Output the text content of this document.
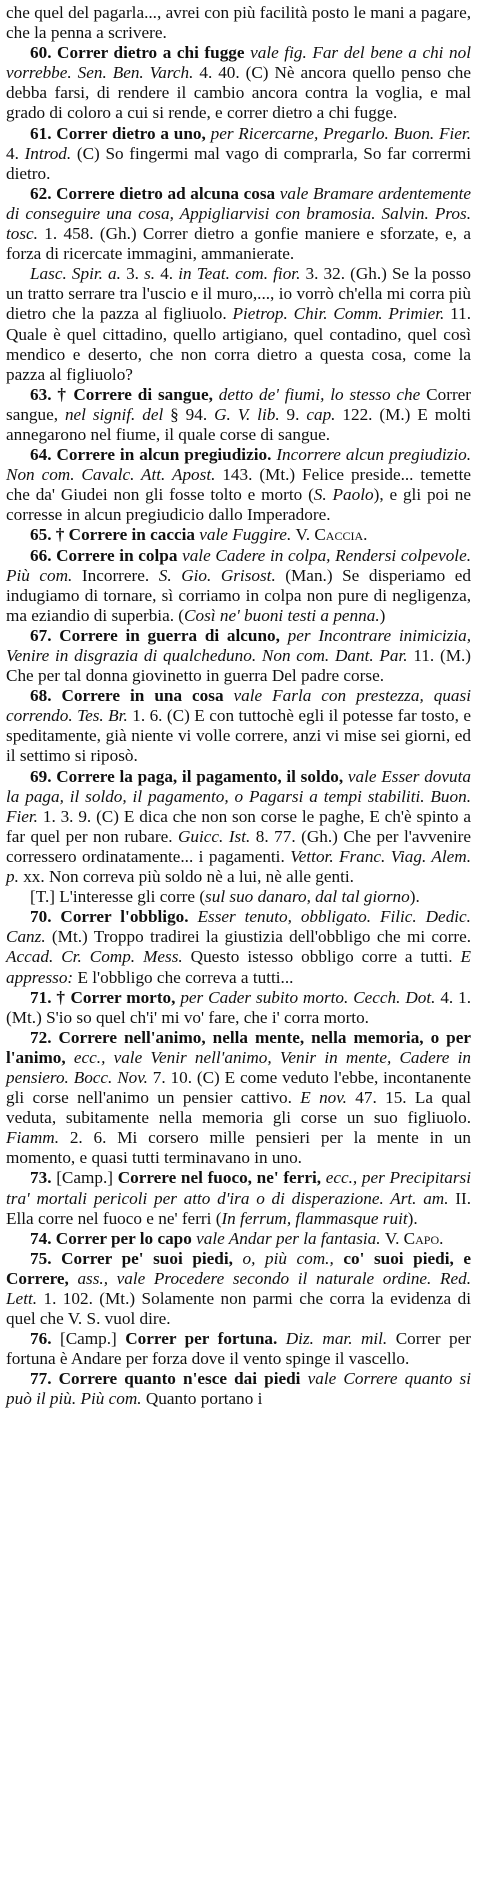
che quel del pagarla..., avrei con più facilità posto le mani a pagare, che la penna a scrivere.

60. Correr dietro a chi fugge vale fig. Far del bene a chi nol vorrebbe. Sen. Ben. Varch. 4. 40. (C) Nè ancora quello penso che debba farsi, di rendere il cambio ancora contra la voglia, e mal grado di coloro a cui si rende, e correr dietro a chi fugge.

61. Correr dietro a uno, per Ricercarne, Pregarlo. Buon. Fier. 4. Introd. (C) So fingermi mal vago di comprarla, So far corrermi dietro.

62. Correre dietro ad alcuna cosa vale Bramare ardentemente di conseguire una cosa, Appigliarvisi con bramosia. Salvin. Pros. tosc. 1. 458. (Gh.) Correr dietro a gonfie maniere e sforzate, e, a forza di ricercate immagini, ammanierate.

Lasc. Spir. a. 3. s. 4. in Teat. com. fior. 3. 32. (Gh.) Se la posso un tratto serrare tra l'uscio e il muro,..., io vorrò ch'ella mi corra più dietro che la pazza al figliuolo. Pietrop. Chir. Comm. Primier. 11. Quale è quel cittadino, quello artigiano, quel contadino, quel così mendico e deserto, che non corra dietro a questa cosa, come la pazza al figliuolo?

63. † Correre di sangue, detto de' fiumi, lo stesso che Correr sangue, nel signif. del § 94. G. V. lib. 9. cap. 122. (M.) E molti annegarono nel fiume, il quale corse di sangue.

64. Correre in alcun pregiudizio. Incorrere alcun pregiudizio. Non com. Cavalc. Att. Apost. 143. (Mt.) Felice preside... temette che da' Giudei non gli fosse tolto e morto (S. Paolo), e gli poi ne corresse in alcun pregiudicio dallo Imperadore.

65. † Correre in caccia vale Fuggire. V. Caccia.

66. Correre in colpa vale Cadere in colpa, Rendersi colpevole. Più com. Incorrere. S. Gio. Grisost. (Man.) Se disperiamo ed indugiamo di tornare, sì corriamo in colpa non pure di negligenza, ma eziandio di superbia. (Così ne' buoni testi a penna.)

67. Correre in guerra di alcuno, per Incontrare inimicizia, Venire in disgrazia di qualcheduno. Non com. Dant. Par. 11. (M.) Che per tal donna giovinetto in guerra Del padre corse.

68. Correre in una cosa vale Farla con prestezza, quasi correndo. Tes. Br. 1. 6. (C) E con tuttochè egli il potesse far tosto, e speditamente, già niente vi volle correre, anzi vi mise sei giorni, ed il settimo si riposò.

69. Correre la paga, il pagamento, il soldo, vale Esser dovuta la paga, il soldo, il pagamento, o Pagarsi a tempi stabiliti. Buon. Fier. 1. 3. 9. (C) E dica che non son corse le paghe, E ch'è spinto a far quel per non rubare. Guicc. Ist. 8. 77. (Gh.) Che per l'avvenire corressero ordinatamente... i pagamenti. Vettor. Franc. Viag. Alem. p. xx. Non correva più soldo nè a lui, nè alle genti.

[T.] L'interesse gli corre (sul suo danaro, dal tal giorno).

70. Correr l'obbligo. Esser tenuto, obbligato. Filic. Dedic. Canz. (Mt.) Troppo tradirei la giustizia dell'obbligo che mi corre. Accad. Cr. Comp. Mess. Questo istesso obbligo corre a tutti. E appresso: E l'obbligo che correva a tutti...

71. † Correr morto, per Cader subito morto. Cecch. Dot. 4. 1. (Mt.) S'io so quel ch'i' mi vo' fare, che i' corra morto.

72. Correre nell'animo, nella mente, nella memoria, o per l'animo, ecc., vale Venir nell'animo, Venir in mente, Cadere in pensiero. Bocc. Nov. 7. 10. (C) E come veduto l'ebbe, incontanente gli corse nell'animo un pensier cattivo. E nov. 47. 15. La qual veduta, subitamente nella memoria gli corse un suo figliuolo. Fiamm. 2. 6. Mi corsero mille pensieri per la mente in un momento, e quasi tutti terminavano in uno.

73. [Camp.] Correre nel fuoco, ne' ferri, ecc., per Precipitarsi tra' mortali pericoli per atto d'ira o di disperazione. Art. am. II. Ella corre nel fuoco e ne' ferri (In ferrum, flammasque ruit).

74. Correr per lo capo vale Andar per la fantasia. V. Capo.

75. Correr pe' suoi piedi, o, più com., co' suoi piedi, e Correre, ass., vale Procedere secondo il naturale ordine. Red. Lett. 1. 102. (Mt.) Solamente non parmi che corra la evidenza di quel che V. S. vuol dire.

76. [Camp.] Correr per fortuna. Diz. mar. mil. Correr per fortuna è Andare per forza dove il vento spinge il vascello.

77. Correre quanto n'esce dai piedi vale Correre quanto si può il più. Più com. Quanto portano i
